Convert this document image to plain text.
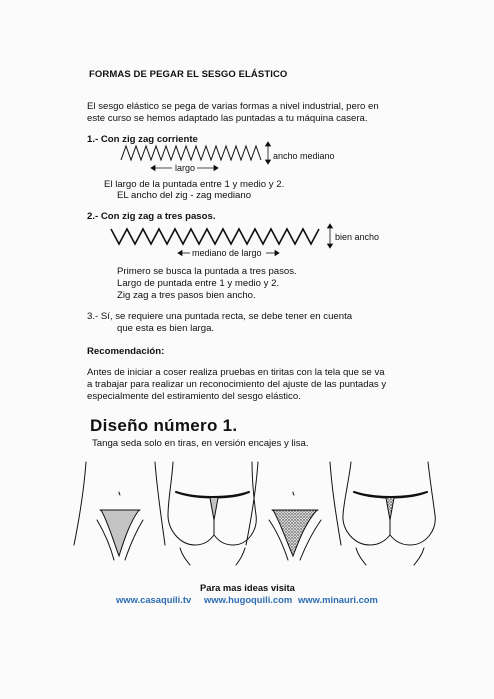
FORMAS DE PEGAR EL SESGO ELÁSTICO
El sesgo elástico se pega de varias formas a nivel industrial, pero en
este curso se hemos adaptado las puntadas a tu máquina casera.
1.- Con zig zag corriente
ancho mediano
largo
El largo de la puntada entre 1 y medio y 2.
EL ancho del zig - zag mediano
2.- Con zig zag a tres pasos.
bien ancho
mediano de largo
Primero se busca la puntada a tres pasos.
Largo de puntada entre 1 y medio y 2.
Zig zag a tres pasos bien ancho.
3.- Sí, se requiere una puntada recta, se debe tener en cuenta
que esta es bien larga.
Recomendación:
Antes de iniciar a coser realiza pruebas en tiritas con la tela que se va
a trabajar para realizar un reconocimiento del ajuste de las puntadas y
especialmente del estiramiento del sesgo elástico.
Diseño número 1.
Tanga seda solo en tiras, en versión encajes y lisa.
Para mas ideas visita
www.casaquili.tv www.hugoquili.com www.minauri.com
